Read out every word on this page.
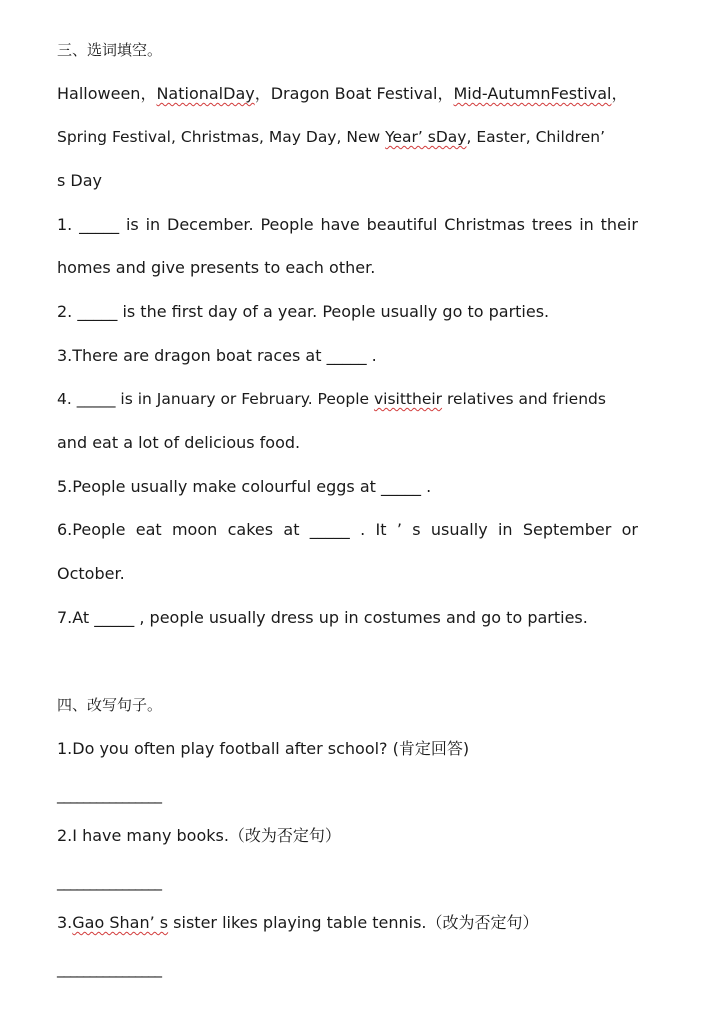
三、选词填空。
Halloween，NationalDay，Dragon Boat Festival，Mid-AutumnFestival，
Spring Festival, Christmas, May Day, New Year’ sDay, Easter, Children’
s Day
1. _____ is in December. People have beautiful Christmas trees in their
homes and give presents to each other.
2. _____ is the first day of a year. People usually go to parties.
3.There are dragon boat races at _____ .
4. _____ is in January or February. People visittheir relatives and friends
and eat a lot of delicious food.
5.People usually make colourful eggs at _____ .
6.People eat moon cakes at _____ . It ’ s usually in September or
October.
7.At _____ , people usually dress up in costumes and go to parties.
四、改写句子。
1.Do you often play football after school? (肯定回答)
________________
2.I have many books.（改为否定句）
________________
3.Gao Shan’ s sister likes playing table tennis.（改为否定句）
________________
